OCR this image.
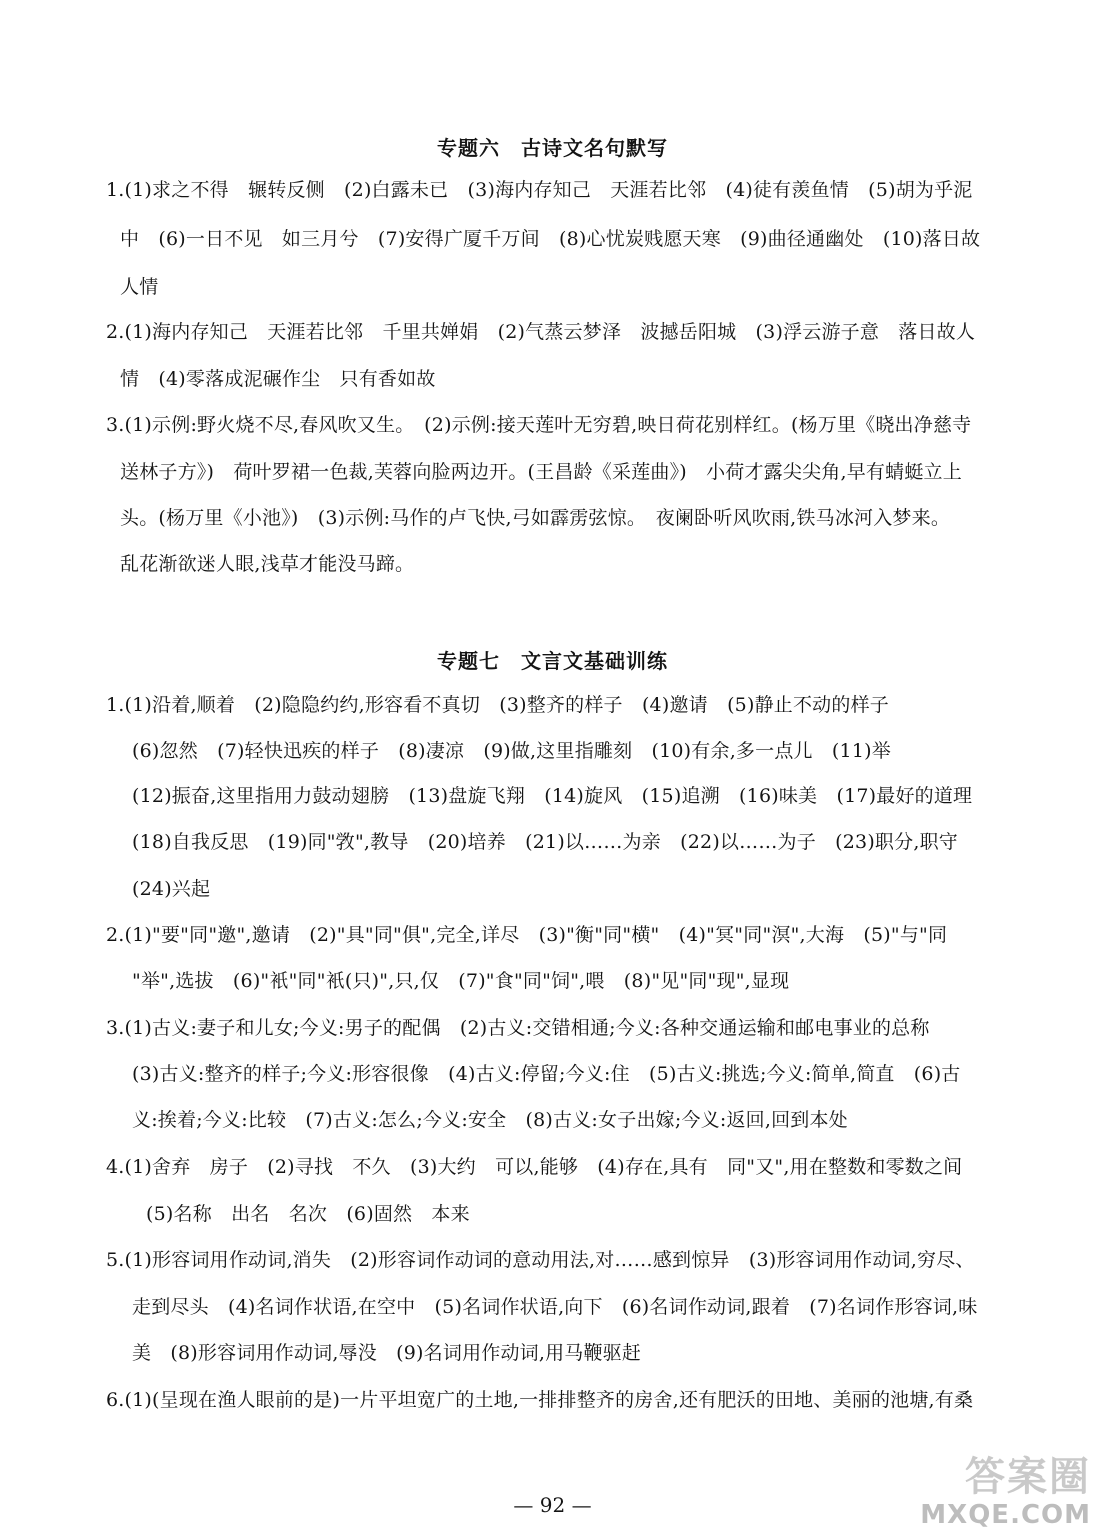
专题六　古诗文名句默写
1.(1)求之不得　辗转反侧　(2)白露未已　(3)海内存知己　天涯若比邻　(4)徒有羡鱼情　(5)胡为乎泥
中　(6)一日不见　如三月兮　(7)安得广厦千万间　(8)心忧炭贱愿天寒　(9)曲径通幽处　(10)落日故
人情
2.(1)海内存知己　天涯若比邻　千里共婵娟　(2)气蒸云梦泽　波撼岳阳城　(3)浮云游子意　落日故人
情　(4)零落成泥碾作尘　只有香如故
3.(1)示例:野火烧不尽,春风吹又生。　(2)示例:接天莲叶无穷碧,映日荷花别样红。(杨万里《晓出净慈寺
送林子方》)　荷叶罗裙一色裁,芙蓉向脸两边开。(王昌龄《采莲曲》)　小荷才露尖尖角,早有蜻蜓立上
头。(杨万里《小池》)　(3)示例:马作的卢飞快,弓如霹雳弦惊。　夜阑卧听风吹雨,铁马冰河入梦来。
乱花渐欲迷人眼,浅草才能没马蹄。
专题七　文言文基础训练
1.(1)沿着,顺着　(2)隐隐约约,形容看不真切　(3)整齐的样子　(4)邀请　(5)静止不动的样子
(6)忽然　(7)轻快迅疾的样子　(8)凄凉　(9)做,这里指雕刻　(10)有余,多一点儿　(11)举
(12)振奋,这里指用力鼓动翅膀　(13)盘旋飞翔　(14)旋风　(15)追溯　(16)味美　(17)最好的道理
(18)自我反思　(19)同"敩",教导　(20)培养　(21)以……为亲　(22)以……为子　(23)职分,职守
(24)兴起
2.(1)"要"同"邀",邀请　(2)"具"同"俱",完全,详尽　(3)"衡"同"横"　(4)"冥"同"溟",大海　(5)"与"同
"举",选拔　(6)"衹"同"衹(只)",只,仅　(7)"食"同"饲",喂　(8)"见"同"现",显现
3.(1)古义:妻子和儿女;今义:男子的配偶　(2)古义:交错相通;今义:各种交通运输和邮电事业的总称
(3)古义:整齐的样子;今义:形容很像　(4)古义:停留;今义:住　(5)古义:挑选;今义:简单,简直　(6)古
义:挨着;今义:比较　(7)古义:怎么;今义:安全　(8)古义:女子出嫁;今义:返回,回到本处
4.(1)舍弃　房子　(2)寻找　不久　(3)大约　可以,能够　(4)存在,具有　同"又",用在整数和零数之间
(5)名称　出名　名次　(6)固然　本来
5.(1)形容词用作动词,消失　(2)形容词作动词的意动用法,对……感到惊异　(3)形容词用作动词,穷尽、
走到尽头　(4)名词作状语,在空中　(5)名词作状语,向下　(6)名词作动词,跟着　(7)名词作形容词,味
美　(8)形容词用作动词,辱没　(9)名词用作动词,用马鞭驱赶
6.(1)(呈现在渔人眼前的是)一片平坦宽广的土地,一排排整齐的房舍,还有肥沃的田地、美丽的池塘,有桑
— 92 —
答案圈
MXQE.COM
